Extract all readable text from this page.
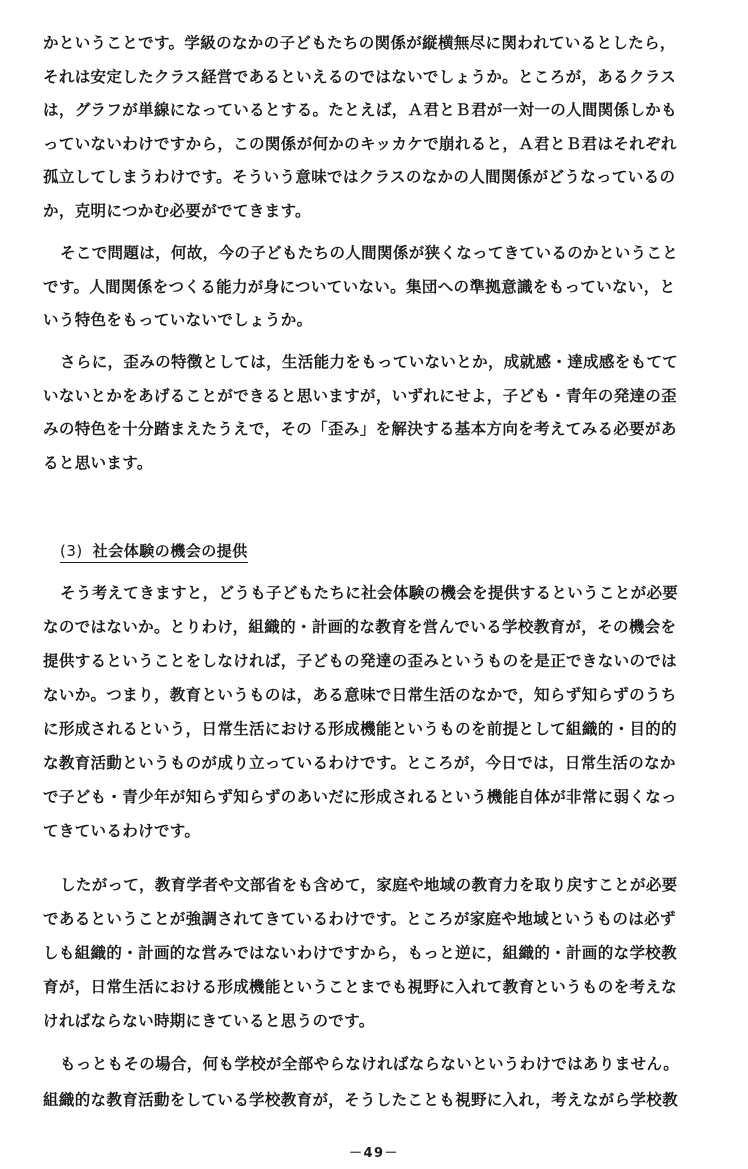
かということです。学級のなかの子どもたちの関係が縦横無尽に関われているとしたら，
それは安定したクラス経営であるといえるのではないでしょうか。ところが，あるクラス
は，グラフが単線になっているとする。たとえば，Ａ君とＢ君が一対一の人間関係しかも
っていないわけですから，この関係が何かのキッカケで崩れると，Ａ君とＢ君はそれぞれ
孤立してしまうわけです。そういう意味ではクラスのなかの人間関係がどうなっているの
か，克明につかむ必要がでてきます。
そこで問題は，何故，今の子どもたちの人間関係が狭くなってきているのかということ
です。人間関係をつくる能力が身についていない。集団への準拠意識をもっていない，と
いう特色をもっていないでしょうか。
さらに，歪みの特徴としては，生活能力をもっていないとか，成就感・達成感をもてて
いないとかをあげることができると思いますが，いずれにせよ，子ども・青年の発達の歪
みの特色を十分踏まえたうえで，その「歪み」を解決する基本方向を考えてみる必要があ
ると思います。
(3) 社会体験の機会の提供
そう考えてきますと，どうも子どもたちに社会体験の機会を提供するということが必要
なのではないか。とりわけ，組織的・計画的な教育を営んでいる学校教育が，その機会を
提供するということをしなければ，子どもの発達の歪みというものを是正できないのでは
ないか。つまり，教育というものは，ある意味で日常生活のなかで，知らず知らずのうち
に形成されるという，日常生活における形成機能というものを前提として組織的・目的的
な教育活動というものが成り立っているわけです。ところが，今日では，日常生活のなか
で子ども・青少年が知らず知らずのあいだに形成されるという機能自体が非常に弱くなっ
てきているわけです。
したがって，教育学者や文部省をも含めて，家庭や地域の教育力を取り戻すことが必要
であるということが強調されてきているわけです。ところが家庭や地域というものは必ず
しも組織的・計画的な営みではないわけですから，もっと逆に，組織的・計画的な学校教
育が，日常生活における形成機能ということまでも視野に入れて教育というものを考えな
ければならない時期にきていると思うのです。
もっともその場合，何も学校が全部やらなければならないというわけではありません。
組織的な教育活動をしている学校教育が，そうしたことも視野に入れ，考えながら学校教
－49－
